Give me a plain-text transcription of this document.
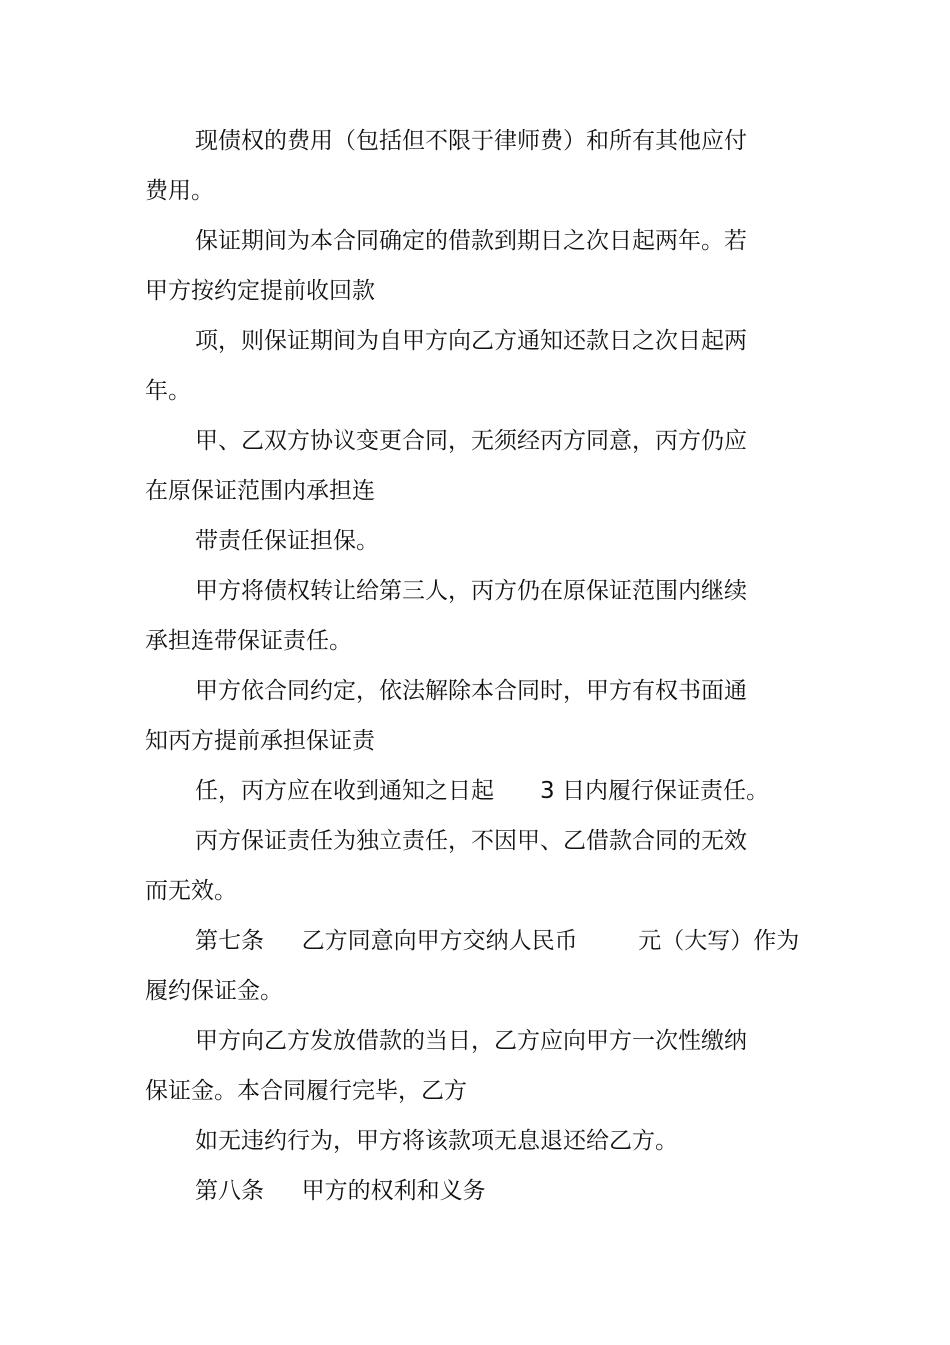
现债权的费用（包括但不限于律师费）和所有其他应付
费用。
保证期间为本合同确定的借款到期日之次日起两年。若
甲方按约定提前收回款
项，则保证期间为自甲方向乙方通知还款日之次日起两
年。
甲、乙双方协议变更合同，无须经丙方同意，丙方仍应
在原保证范围内承担连
带责任保证担保。
甲方将债权转让给第三人，丙方仍在原保证范围内继续
承担连带保证责任。
甲方依合同约定，依法解除本合同时，甲方有权书面通
知丙方提前承担保证责
任，丙方应在收到通知之日起　　3 日内履行保证责任。
丙方保证责任为独立责任，不因甲、乙借款合同的无效
而无效。
第七条　  乙方同意向甲方交纳人民币　　  元（大写）作为
履约保证金。
甲方向乙方发放借款的当日，乙方应向甲方一次性缴纳
保证金。本合同履行完毕，乙方
如无违约行为，甲方将该款项无息退还给乙方。
第八条　  甲方的权利和义务
